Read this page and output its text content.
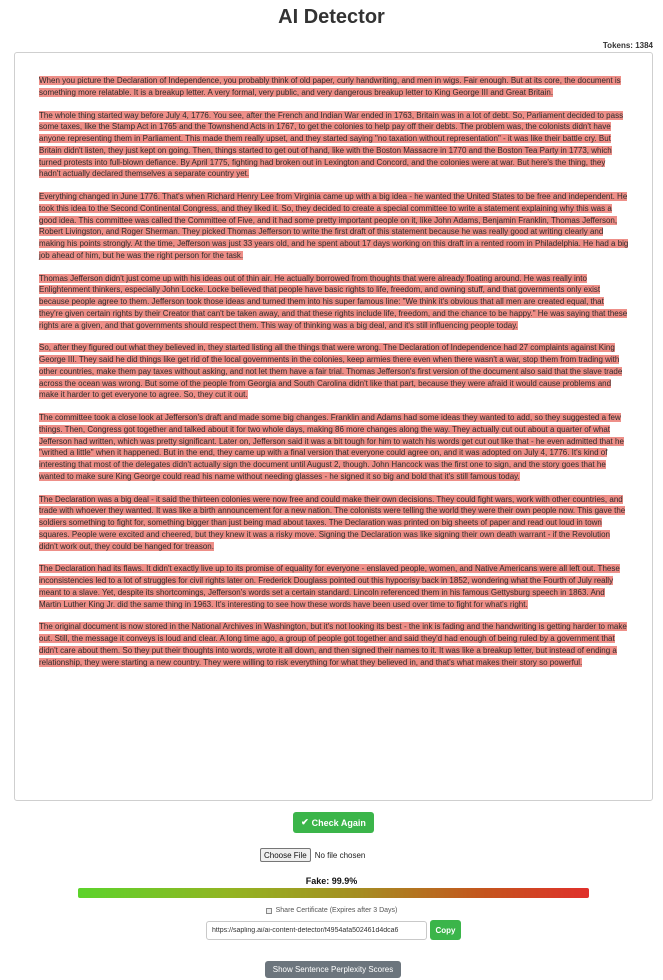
AI Detector
Tokens: 1384

When you picture the Declaration of Independence, you probably think of old paper, curly handwriting, and men in wigs. Fair enough. But at its core, the document is something more relatable. It is a breakup letter. A very formal, very public, and very dangerous breakup letter to King George III and Great Britain.

The whole thing started way before July 4, 1776. You see, after the French and Indian War ended in 1763, Britain was in a lot of debt. So, Parliament decided to pass some taxes, like the Stamp Act in 1765 and the Townshend Acts in 1767, to get the colonies to help pay off their debts. The problem was, the colonists didn't have anyone representing them in Parliament. This made them really upset, and they started saying "no taxation without representation" - it was like their battle cry. But Britain didn't listen, they just kept on going. Then, things started to get out of hand, like with the Boston Massacre in 1770 and the Boston Tea Party in 1773, which turned protests into full-blown defiance. By April 1775, fighting had broken out in Lexington and Concord, and the colonies were at war. But here's the thing, they hadn't actually declared themselves a separate country yet.

Everything changed in June 1776. That's when Richard Henry Lee from Virginia came up with a big idea - he wanted the United States to be free and independent. He took this idea to the Second Continental Congress, and they liked it. So, they decided to create a special committee to write a statement explaining why this was a good idea. This committee was called the Committee of Five, and it had some pretty important people on it, like John Adams, Benjamin Franklin, Thomas Jefferson, Robert Livingston, and Roger Sherman. They picked Thomas Jefferson to write the first draft of this statement because he was really good at writing clearly and making his points strongly. At the time, Jefferson was just 33 years old, and he spent about 17 days working on this draft in a rented room in Philadelphia. He had a big job ahead of him, but he was the right person for the task.

Thomas Jefferson didn't just come up with his ideas out of thin air. He actually borrowed from thoughts that were already floating around. He was really into Enlightenment thinkers, especially John Locke. Locke believed that people have basic rights to life, freedom, and owning stuff, and that governments only exist because people agree to them. Jefferson took those ideas and turned them into his super famous line: "We think it's obvious that all men are created equal, that they're given certain rights by their Creator that can't be taken away, and that these rights include life, freedom, and the chance to be happy." He was saying that these rights are a given, and that governments should respect them. This way of thinking was a big deal, and it's still influencing people today.

So, after they figured out what they believed in, they started listing all the things that were wrong. The Declaration of Independence had 27 complaints against King George III. They said he did things like get rid of the local governments in the colonies, keep armies there even when there wasn't a war, stop them from trading with other countries, make them pay taxes without asking, and not let them have a fair trial. Thomas Jefferson's first version of the document also said that the slave trade across the ocean was wrong. But some of the people from Georgia and South Carolina didn't like that part, because they were afraid it would cause problems and make it harder to get everyone to agree. So, they cut it out.

The committee took a close look at Jefferson's draft and made some big changes. Franklin and Adams had some ideas they wanted to add, so they suggested a few things. Then, Congress got together and talked about it for two whole days, making 86 more changes along the way. They actually cut out about a quarter of what Jefferson had written, which was pretty significant. Later on, Jefferson said it was a bit tough for him to watch his words get cut out like that - he even admitted that he "writhed a little" when it happened. But in the end, they came up with a final version that everyone could agree on, and it was adopted on July 4, 1776. It's kind of interesting that most of the delegates didn't actually sign the document until August 2, though. John Hancock was the first one to sign, and the story goes that he wanted to make sure King George could read his name without needing glasses - he signed it so big and bold that it's still famous today.

The Declaration was a big deal - it said the thirteen colonies were now free and could make their own decisions. They could fight wars, work with other countries, and trade with whoever they wanted. It was like a birth announcement for a new nation. The colonists were telling the world they were their own people now. This gave the soldiers something to fight for, something bigger than just being mad about taxes. The Declaration was printed on big sheets of paper and read out loud in town squares. People were excited and cheered, but they knew it was a risky move. Signing the Declaration was like signing their own death warrant - if the Revolution didn't work out, they could be hanged for treason.

The Declaration had its flaws. It didn't exactly live up to its promise of equality for everyone - enslaved people, women, and Native Americans were all left out. These inconsistencies led to a lot of struggles for civil rights later on. Frederick Douglass pointed out this hypocrisy back in 1852, wondering what the Fourth of July really meant to a slave. Yet, despite its shortcomings, Jefferson's words set a certain standard. Lincoln referenced them in his famous Gettysburg speech in 1863. And Martin Luther King Jr. did the same thing in 1963. It's interesting to see how these words have been used over time to fight for what's right.

The original document is now stored in the National Archives in Washington, but it's not looking its best - the ink is fading and the handwriting is getting harder to make out. Still, the message it conveys is loud and clear. A long time ago, a group of people got together and said they'd had enough of being ruled by a government that didn't care about them. So they put their thoughts into words, wrote it all down, and then signed their names to it. It was like a breakup letter, but instead of ending a relationship, they were starting a new country. They were willing to risk everything for what they believed in, and that's what makes their story so powerful.

✔ Check Again
Choose File	No file chosen
Fake: 99.9%
Share Certificate (Expires after 3 Days)
https://sapling.ai/ai-content-detector/f4954afa502461d4dca6
Copy
Show Sentence Perplexity Scores
